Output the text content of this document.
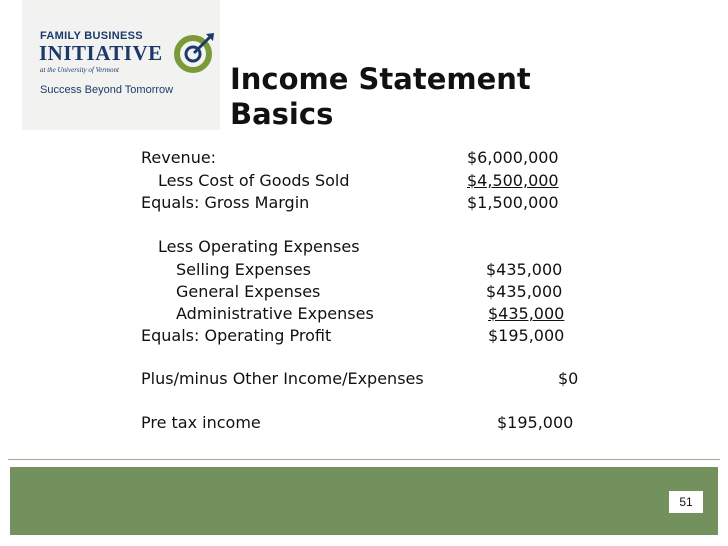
FAMILY BUSINESS
INITIATIVE
at the University of Vermont
Success Beyond Tomorrow Income Statement
Basics
Revenue:	$6,000,000
Less Cost of Goods Sold	$4,500,000
Equals: Gross Margin	$1,500,000
Less Operating Expenses
Selling Expenses	$435,000
General Expenses	$435,000
Administrative Expenses	$435,000
Equals: Operating Profit	$195,000
Plus/minus Other Income/Expenses	$0
Pre tax income	$195,000
51
